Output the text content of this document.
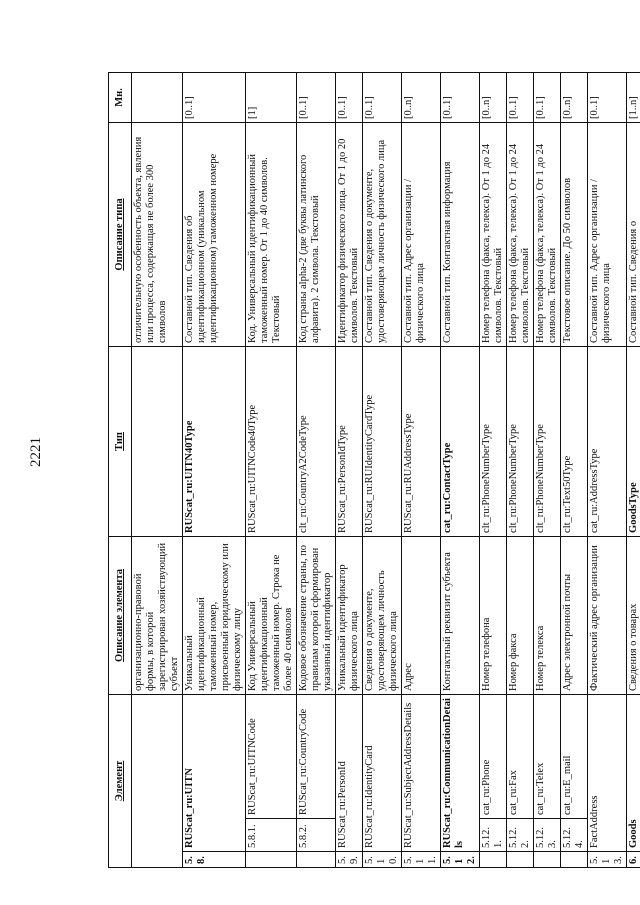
2221
Элемент			Описание элемента	Тип	Описание типа	Мн.
			организационно-правовой формы, в которой зарегистрирован хозяйствующий субъект		отличительную особенность объекта, явления или процесса, содержащая не более 300 символов	
5.8.	RUScat_ru:UITN		Уникальный идентификационный таможенный номер, присвоенный юридическому или физическому лицу	RUScat_ru:UITN40Type	Составной тип. Сведения об идентификационном (уникальном идентификационном) таможенном номере	[0..1]
	5.8.1.	RUScat_ru:UITNCode	Код Универсальный идентификационный таможенный номер. Строка не более 40 символов	RUScat_ru:UITNCode40Type	Код. Универсальный идентификационный таможенный номер. От 1 до 40 символов. Текстовый	[1]
	5.8.2.	RUScat_ru:CountryCode	Кодовое обозначение страны, по правилам которой сформирован указанный идентификатор	clt_ru:CountryA2CodeType	Код страны alpha-2 (две буквы латинского алфавита). 2 символа. Текстовый	[0..1]
5.9.	RUScat_ru:PersonId		Уникальный идентификатор физического лица	RUScat_ru:PersonIdType	Идентификатор физического лица. От 1 до 20 символов. Текстовый	[0..1]
5.10.	RUScat_ru:IdentityCard		Сведения о документе, удостоверяющем личность физического лица	RUScat_ru:RUIdentityCardType	Составной тип. Сведения о документе, удостоверяющем личность физического лица	[0..1]
5.11.	RUScat_ru:SubjectAddressDetails		Адрес	RUScat_ru:RUAddressType	Составной тип. Адрес организации / физического лица	[0..n]
5.12.	RUScat_ru:CommunicationDetails		Контактный реквизит субъекта	cat_ru:ContactType	Составной тип. Контактная информация	[0..1]
	5.12.1.	cat_ru:Phone	Номер телефона	clt_ru:PhoneNumberType	Номер телефона (факса, телекса). От 1 до 24 символов. Текстовый	[0..n]
	5.12.2.	cat_ru:Fax	Номер факса	clt_ru:PhoneNumberType	Номер телефона (факса, телекса). От 1 до 24 символов. Текстовый	[0..1]
	5.12.3.	cat_ru:Telex	Номер телекса	clt_ru:PhoneNumberType	Номер телефона (факса, телекса). От 1 до 24 символов. Текстовый	[0..1]
	5.12.4.	cat_ru:E_mail	Адрес электронной почты	clt_ru:Text50Type	Текстовое описание. До 50 символов	[0..n]
5.13.	FactAddress		Фактический адрес организации	cat_ru:AddressType	Составной тип. Адрес организации / физического лица	[0..1]
6.	Goods		Сведения о товарах	GoodsType	Составной тип. Сведения о	[1..n]
